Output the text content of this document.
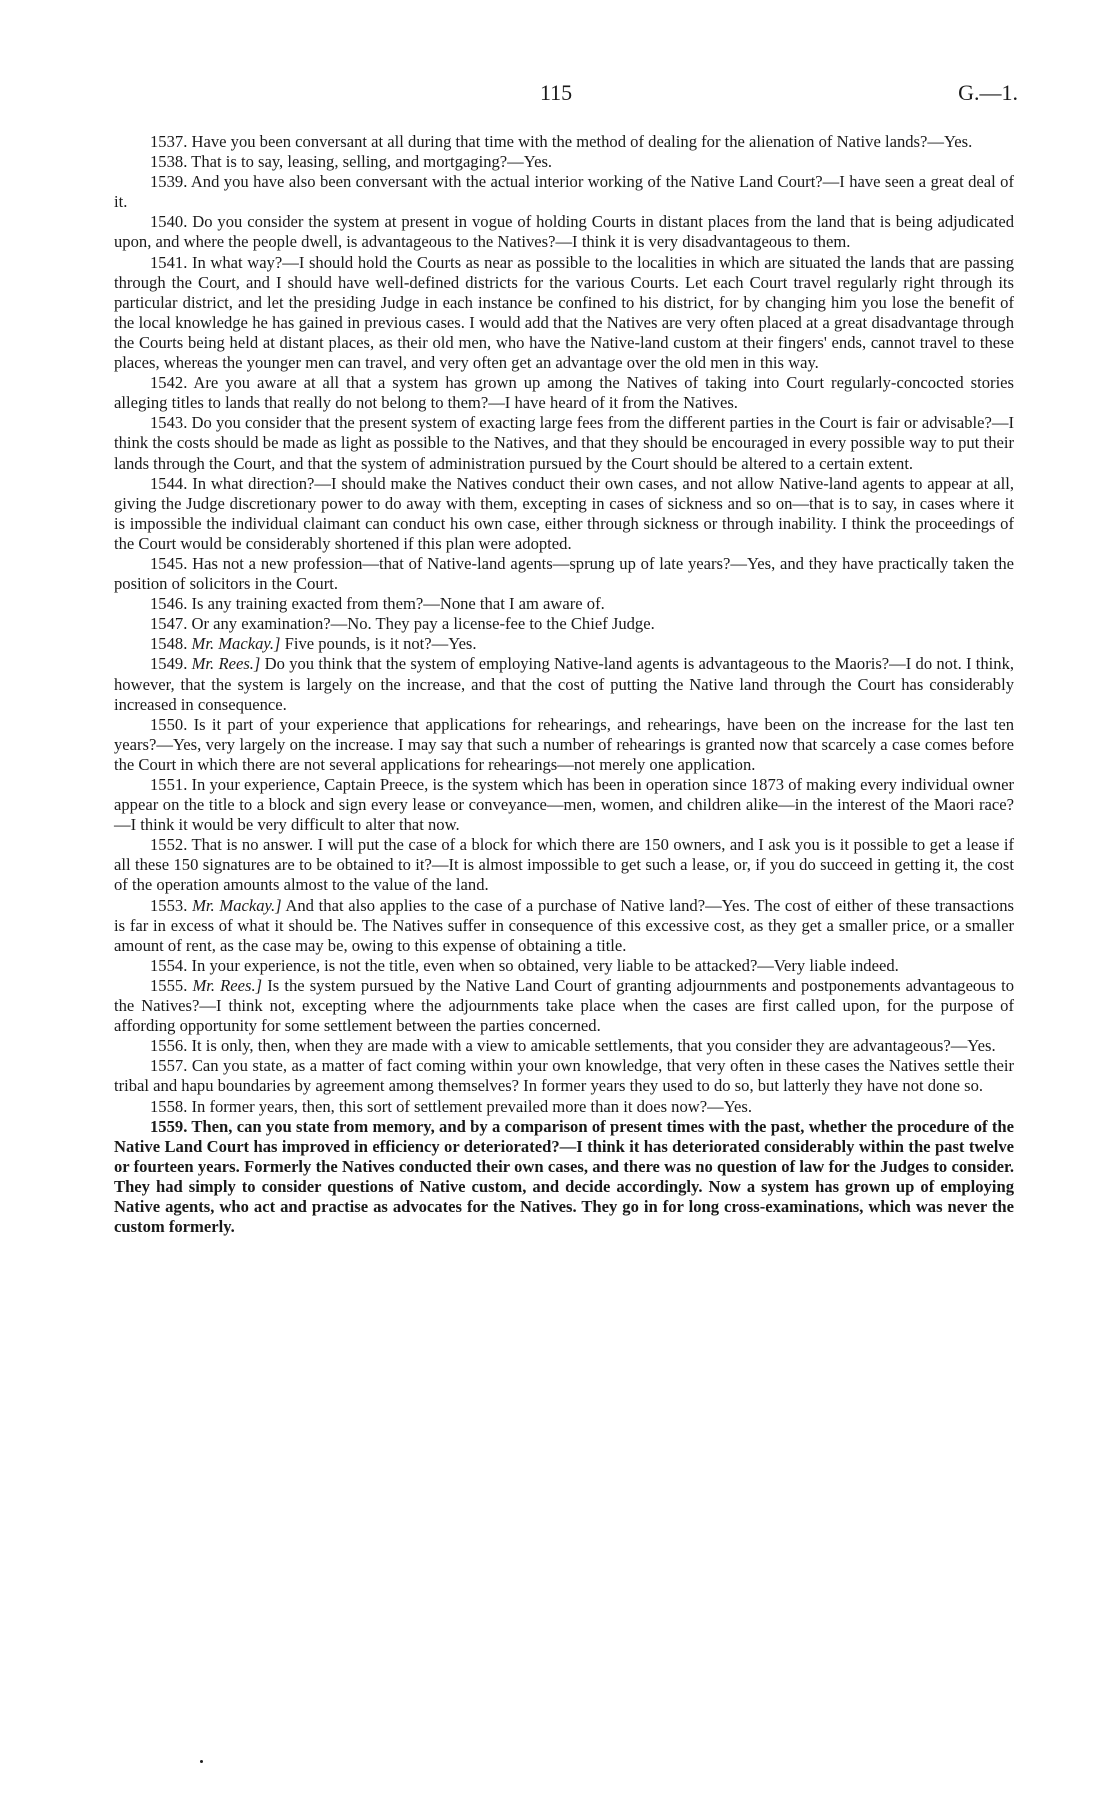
115	G.—1.

1537. Have you been conversant at all during that time with the method of dealing for the alienation of Native lands?—Yes.

1538. That is to say, leasing, selling, and mortgaging?—Yes.

1539. And you have also been conversant with the actual interior working of the Native Land Court?—I have seen a great deal of it.

1540. Do you consider the system at present in vogue of holding Courts in distant places from the land that is being adjudicated upon, and where the people dwell, is advantageous to the Natives?—I think it is very disadvantageous to them.

1541. In what way?—I should hold the Courts as near as possible to the localities in which are situated the lands that are passing through the Court, and I should have well-defined districts for the various Courts. Let each Court travel regularly right through its particular district, and let the presiding Judge in each instance be confined to his district, for by changing him you lose the benefit of the local knowledge he has gained in previous cases. I would add that the Natives are very often placed at a great disadvantage through the Courts being held at distant places, as their old men, who have the Native-land custom at their fingers' ends, cannot travel to these places, whereas the younger men can travel, and very often get an advantage over the old men in this way.

1542. Are you aware at all that a system has grown up among the Natives of taking into Court regularly-concocted stories alleging titles to lands that really do not belong to them?—I have heard of it from the Natives.

1543. Do you consider that the present system of exacting large fees from the different parties in the Court is fair or advisable?—I think the costs should be made as light as possible to the Natives, and that they should be encouraged in every possible way to put their lands through the Court, and that the system of administration pursued by the Court should be altered to a certain extent.

1544. In what direction?—I should make the Natives conduct their own cases, and not allow Native-land agents to appear at all, giving the Judge discretionary power to do away with them, excepting in cases of sickness and so on—that is to say, in cases where it is impossible the individual claimant can conduct his own case, either through sickness or through inability. I think the proceedings of the Court would be considerably shortened if this plan were adopted.

1545. Has not a new profession—that of Native-land agents—sprung up of late years?—Yes, and they have practically taken the position of solicitors in the Court.

1546. Is any training exacted from them?—None that I am aware of.

1547. Or any examination?—No. They pay a license-fee to the Chief Judge.

1548. Mr. Mackay.] Five pounds, is it not?—Yes.

1549. Mr. Rees.] Do you think that the system of employing Native-land agents is advantageous to the Maoris?—I do not. I think, however, that the system is largely on the increase, and that the cost of putting the Native land through the Court has considerably increased in consequence.

1550. Is it part of your experience that applications for rehearings, and rehearings, have been on the increase for the last ten years?—Yes, very largely on the increase. I may say that such a number of rehearings is granted now that scarcely a case comes before the Court in which there are not several applications for rehearings—not merely one application.

1551. In your experience, Captain Preece, is the system which has been in operation since 1873 of making every individual owner appear on the title to a block and sign every lease or conveyance—men, women, and children alike—in the interest of the Maori race?—I think it would be very difficult to alter that now.

1552. That is no answer. I will put the case of a block for which there are 150 owners, and I ask you is it possible to get a lease if all these 150 signatures are to be obtained to it?—It is almost impossible to get such a lease, or, if you do succeed in getting it, the cost of the operation amounts almost to the value of the land.

1553. Mr. Mackay.] And that also applies to the case of a purchase of Native land?—Yes. The cost of either of these transactions is far in excess of what it should be. The Natives suffer in consequence of this excessive cost, as they get a smaller price, or a smaller amount of rent, as the case may be, owing to this expense of obtaining a title.

1554. In your experience, is not the title, even when so obtained, very liable to be attacked?—Very liable indeed.

1555. Mr. Rees.] Is the system pursued by the Native Land Court of granting adjournments and postponements advantageous to the Natives?—I think not, excepting where the adjournments take place when the cases are first called upon, for the purpose of affording opportunity for some settlement between the parties concerned.

1556. It is only, then, when they are made with a view to amicable settlements, that you consider they are advantageous?—Yes.

1557. Can you state, as a matter of fact coming within your own knowledge, that very often in these cases the Natives settle their tribal and hapu boundaries by agreement among themselves? In former years they used to do so, but latterly they have not done so.

1558. In former years, then, this sort of settlement prevailed more than it does now?—Yes.

1559. Then, can you state from memory, and by a comparison of present times with the past, whether the procedure of the Native Land Court has improved in efficiency or deteriorated?—I think it has deteriorated considerably within the past twelve or fourteen years. Formerly the Natives conducted their own cases, and there was no question of law for the Judges to consider. They had simply to consider questions of Native custom, and decide accordingly. Now a system has grown up of employing Native agents, who act and practise as advocates for the Natives. They go in for long cross-examinations, which was never the custom formerly.
